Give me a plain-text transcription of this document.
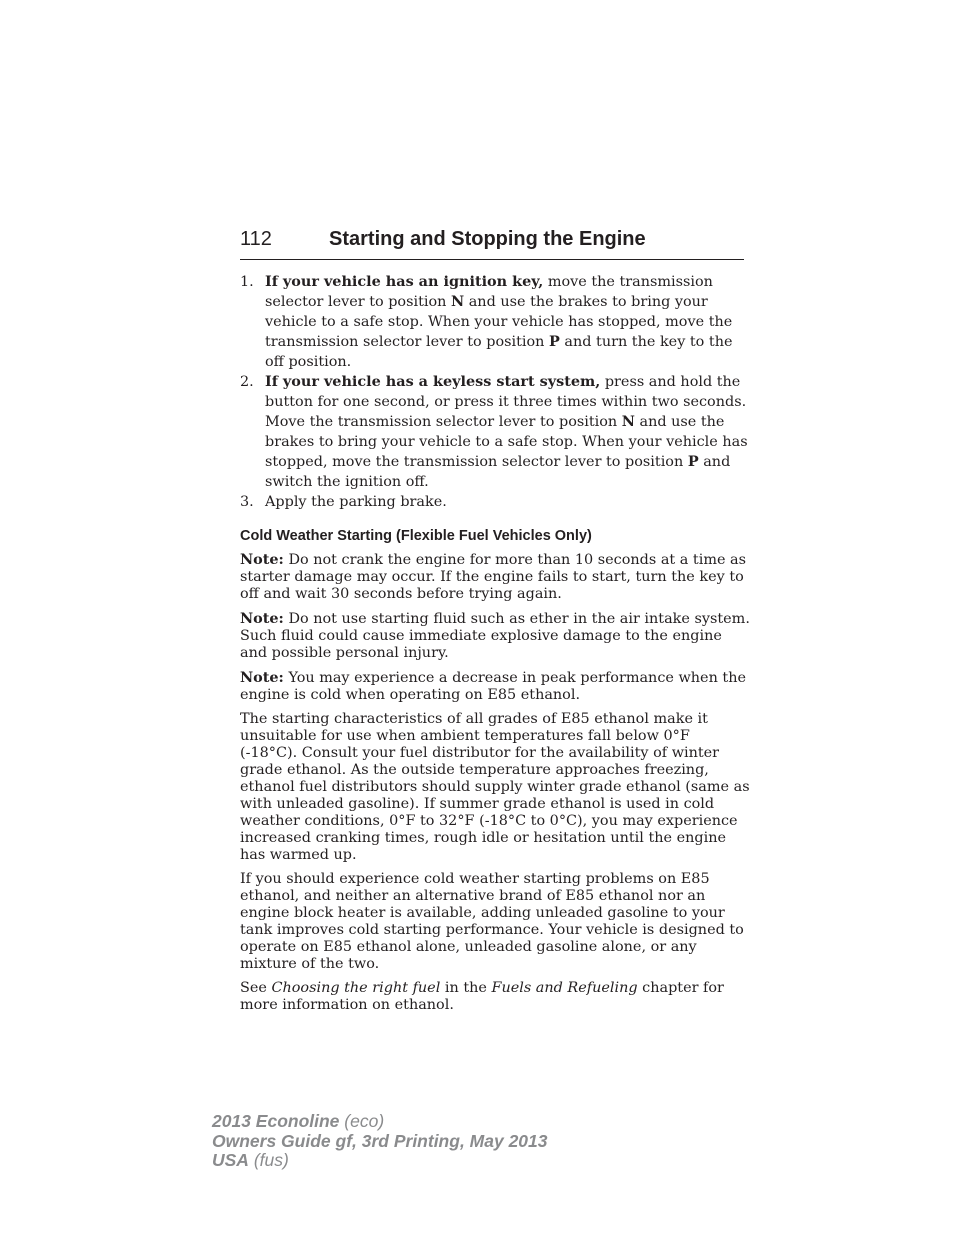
112	Starting and Stopping the Engine
1. If your vehicle has an ignition key, move the transmission selector lever to position N and use the brakes to bring your vehicle to a safe stop. When your vehicle has stopped, move the transmission selector lever to position P and turn the key to the off position.
2. If your vehicle has a keyless start system, press and hold the button for one second, or press it three times within two seconds. Move the transmission selector lever to position N and use the brakes to bring your vehicle to a safe stop. When your vehicle has stopped, move the transmission selector lever to position P and switch the ignition off.
3. Apply the parking brake.
Cold Weather Starting (Flexible Fuel Vehicles Only)

Note: Do not crank the engine for more than 10 seconds at a time as starter damage may occur. If the engine fails to start, turn the key to off and wait 30 seconds before trying again.

Note: Do not use starting fluid such as ether in the air intake system. Such fluid could cause immediate explosive damage to the engine and possible personal injury.

Note: You may experience a decrease in peak performance when the engine is cold when operating on E85 ethanol.

The starting characteristics of all grades of E85 ethanol make it unsuitable for use when ambient temperatures fall below 0°F (-18°C). Consult your fuel distributor for the availability of winter grade ethanol. As the outside temperature approaches freezing, ethanol fuel distributors should supply winter grade ethanol (same as with unleaded gasoline). If summer grade ethanol is used in cold weather conditions, 0°F to 32°F (-18°C to 0°C), you may experience increased cranking times, rough idle or hesitation until the engine has warmed up.

If you should experience cold weather starting problems on E85 ethanol, and neither an alternative brand of E85 ethanol nor an engine block heater is available, adding unleaded gasoline to your tank improves cold starting performance. Your vehicle is designed to operate on E85 ethanol alone, unleaded gasoline alone, or any mixture of the two.

See Choosing the right fuel in the Fuels and Refueling chapter for more information on ethanol.

2013 Econoline (eco)
Owners Guide gf, 3rd Printing, May 2013
USA (fus)
